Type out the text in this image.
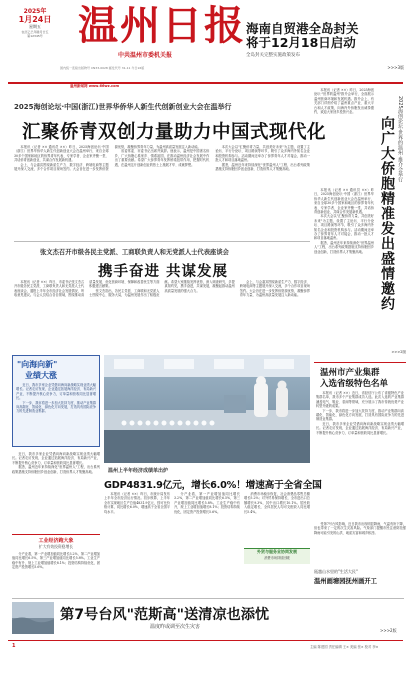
2025年
1月24日
星期五
农历乙巳年腊月廿五
第12345号 温州日报
中共温州市委机关报
海南自贸港全岛封关
将于12月18日启动
全岛封关完整实施政策发布
>>>3版
国内统一连续出版物号 CN33-0028 邮发代号 31-11 今日16版
温州新闻网 www.66wz.com

本报讯（记者 ××）昨日，2025海创论坛·"世界的温州"推介会举行，全面展示温州营商环境和发展机遇。推介会上，有关部门详细介绍了温州重点产业、重大平台和人才政策，向海内外侨胞发出诚挚邀约，欢迎大家回乡投资兴业。

向广大侨胞精准发出盛情邀约 2025海创论坛·世界的温州·推介会举行

本报讯（记者 ×× 通讯员 ××）昨日，2025海创论坛·中国（浙江）世界华侨华人新生代创新创业大会在温州举行，来自全球30多个国家和地区的侨界青年代表、专家学者、企业家齐聚一堂，共话侨青创新创业，共谋合作发展新机遇。

本次大会以"汇聚侨青力量，共创美好未来"为主题，设置了主论坛、平行分论坛、项目路演等环节，吸引了众多海内外知名企业和投资机构参与。活动期间还举办了侨界青年人才对接会，推动一批人才和项目落地温州。

据悉，温州近年来持续深化"世界温州人"工程，出台系列政策措施支持侨胞回乡创业创新，打造侨界人才集聚高地。

>>>2版
2025海创论坛·中国(浙江)世界华侨华人新生代创新创业大会在温举行
汇聚侨青双创力量助力中国式现代化

本报讯（记者 ×× 通讯员 ××）昨日，2025海创论坛·中国（浙江）世界华侨华人新生代创新创业大会在温州举行，来自全球30多个国家和地区的侨界青年代表、专家学者、企业家齐聚一堂，共话侨青创新创业，共谋合作发展新机遇。

会上，与会嘉宾围绕新质生产力、数字经济、跨境电商等主题展开深入交流，多个合作项目现场签约。大会旨在进一步发挥侨资源优势，凝聚侨界青年力量，为温州高质量发展注入新动能。

省委常委、市委书记出席并致辞。他表示，温州是中国著名侨乡，广大侨胞心系家乡、情系祖国，在推动温州经济社会发展中作出了重要贡献。希望广大侨界青年发挥桥梁纽带作用，把握时代机遇，在温州这片创新创业的热土上施展才华、成就梦想。

本次大会以"汇聚侨青力量，共创美好未来"为主题，设置了主论坛、平行分论坛、项目路演等环节，吸引了众多海内外知名企业和投资机构参与。活动期间还举办了侨界青年人才对接会，推动一批人才和项目落地温州。

据悉，温州近年来持续深化"世界温州人"工程，出台系列政策措施支持侨胞回乡创业创新，打造侨界人才集聚高地。

张文杰召开市级各民主党派、工商联负责人和无党派人士代表座谈会
携手奋进 共谋发展

本报讯（记者 ××）昨日，市委书记张文杰召开市级各民主党派、工商联负责人和无党派人士代表座谈会，通报上半年全市经济社会发展情况，听取意见建议。与会人员结合各自领域，围绕推动高质量发展、优化营商环境、保障和改善民生等方面积极建言献策。

张文杰指出，各民主党派、工商联和无党派人士围绕中心、服务大局，为温州发展作出了积极贡献。希望大家继续发挥优势，深入调查研究，多提真知灼见，携手奋进，共谋发展，凝聚起推动温州高质量发展的强大合力。

会上，与会嘉宾围绕新质生产力、数字经济、跨境电商等主题展开深入交流，多个合作项目现场签约。大会旨在进一步发挥侨资源优势，凝聚侨界青年力量，为温州高质量发展注入新动能。

"向海向新"
业绩大涨

近日，我市多家企业凭借向海向新战略实现业绩大幅增长。记者走访发现，企业通过拓展海洋经济、布局新兴产业，不断提升核心竞争力，订单量和营收同比显著增长。

下一步，我市将进一步加大扶持力度，推动产业集群向高端化、智能化、绿色化方向发展，打造具有国际竞争力的先进制造业集群。

温州市产业集群
入选省级特色名单

本报讯（记者 ××）近日，省经信厅公布了省级特色产业集群名单，我市多个产业集群成功入选。此次入选的产业集群涵盖电气、鞋业、泵阀等领域，充分展示了我市传统优势产业转型升级的成果。

下一步，我市将进一步加大扶持力度，推动产业集群向高端化、智能化、绿色化方向发展，打造具有国际竞争力的先进制造业集群。

近日，我市多家企业凭借向海向新战略实现业绩大幅增长。记者走访发现，企业通过拓展海洋经济、布局新兴产业，不断提升核心竞争力，订单量和营收同比显著增长。

近日，我市多家企业凭借向海向新战略实现业绩大幅增长。记者走访发现，企业通过拓展海洋经济、布局新兴产业，不断提升核心竞争力，订单量和营收同比显著增长。

据悉，温州近年来持续深化"世界温州人"工程，出台系列政策措施支持侨胞回乡创业创新，打造侨界人才集聚高地。

工业经济跑大象
扩大有效投资稳增长

分产业看，第一产业增加值同比增长3.2%，第二产业增加值同比增长6.5%，第三产业增加值同比增长5.8%。工业生产稳中有升，规上工业增加值增长8.1%；投资结构持续优化，固定资产投资增长5.6%。

温州上半年经济成绩单出炉
GDP4831.9亿元，增长6.0%！增速高于全省全国

本报讯（记者 ××）昨日，市统计局发布上半年全市经济运行情况。初步核算，上半年全市实现地区生产总值4831.9亿元，按可比价格计算，同比增长6.0%，增速高于全省全国平均水平。

分产业看，第一产业增加值同比增长3.2%，第二产业增加值同比增长6.5%，第三产业增加值同比增长5.8%。工业生产稳中有升，规上工业增加值增长8.1%；投资结构持续优化，固定资产投资增长5.6%。

消费市场稳步恢复，社会消费品零售总额增长5.2%；对外贸易保持增长，全市进出口总额增长9.3%，其中出口增长10.1%。居民收入稳定增长，全体居民人均可支配收入同比增长5.4%。

外贸与服务业协同发展
消费市场持续回暖

受第7号台风影响，近日我市出现明显降雨，气温有所下降，但也带来了一定的次生灾害风险。气象部门提醒市民注意防范强降雨可能引发的山洪、地质灾害和城乡积涝。

瓯越山水里的"生活大民"
温州画塘园抚州画开工
第7号台风"范斯高"送清凉也添忧
温度昨或调至次生灾害
>>>2版
主编 陈建国 责任编辑 王× 美编 张× 校对 李×
1
